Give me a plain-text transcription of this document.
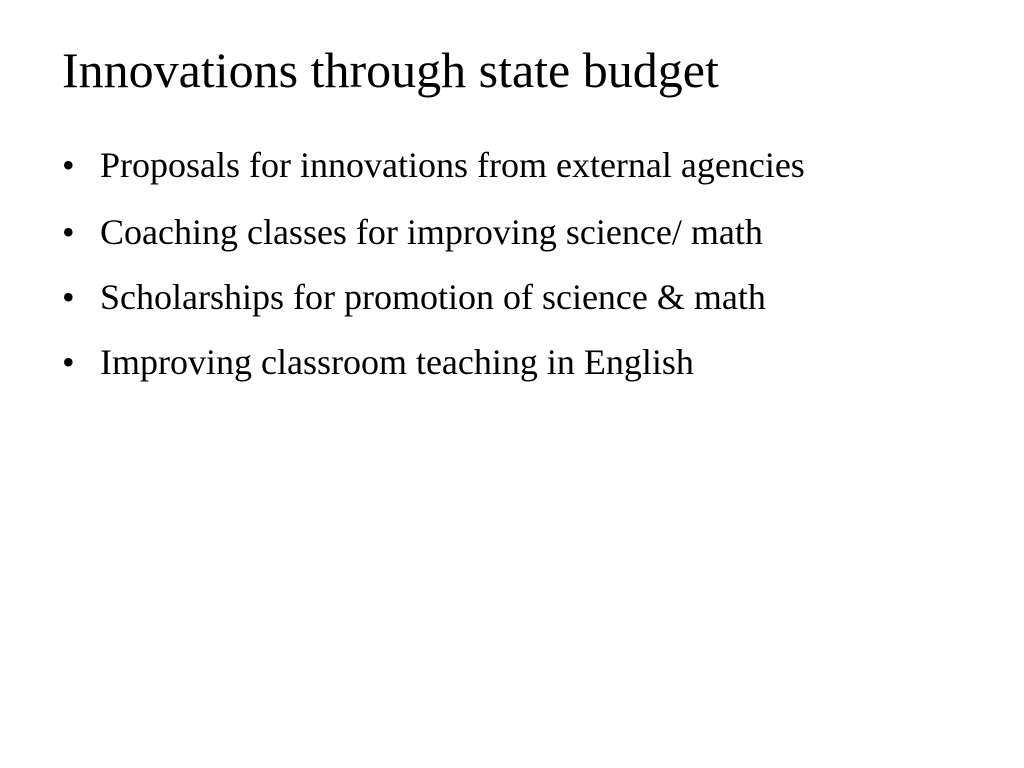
Innovations through state budget
• Proposals for innovations from external agencies
• Coaching classes for improving science/ math
• Scholarships for promotion of science & math
• Improving classroom teaching in English
